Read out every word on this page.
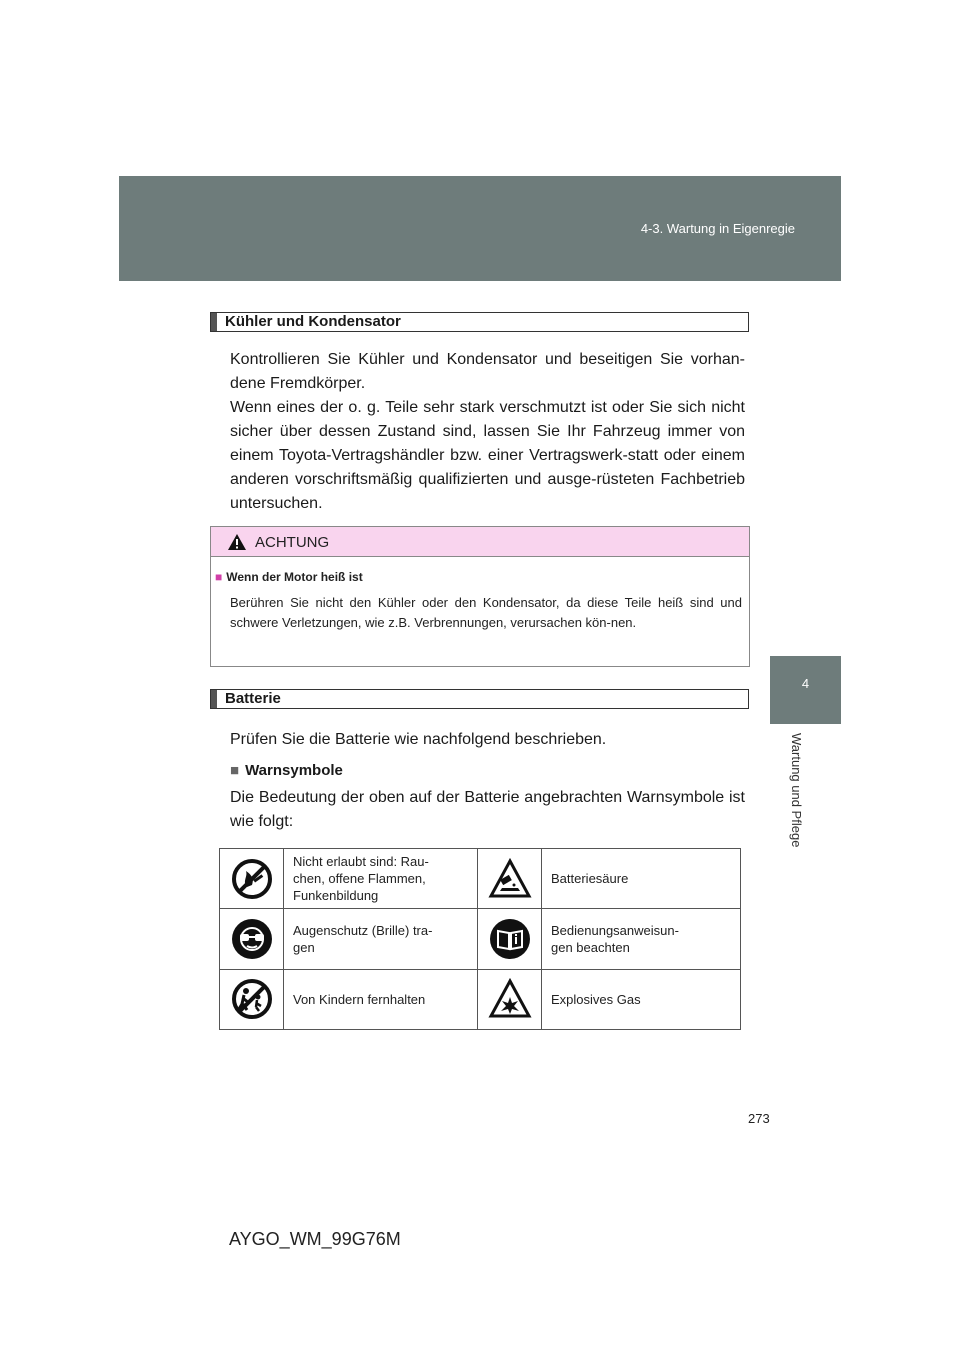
4-3. Wartung in Eigenregie
4
Wartung und Pflege
Kühler und Kondensator

Kontrollieren Sie Kühler und Kondensator und beseitigen Sie vorhan-dene Fremdkörper.
Wenn eines der o. g. Teile sehr stark verschmutzt ist oder Sie sich nicht sicher über dessen Zustand sind, lassen Sie Ihr Fahrzeug immer von einem Toyota-Vertragshändler bzw. einer Vertragswerk-statt oder einem anderen vorschriftsmäßig qualifizierten und ausge-rüsteten Fachbetrieb untersuchen.

ACHTUNG
■ Wenn der Motor heiß ist

Berühren Sie nicht den Kühler oder den Kondensator, da diese Teile heiß sind und schwere Verletzungen, wie z.B. Verbrennungen, verursachen kön-nen.

Batterie

Prüfen Sie die Batterie wie nachfolgend beschrieben.

■ Warnsymbole

Die Bedeutung der oben auf der Batterie angebrachten Warnsymbole ist wie folgt:

Nicht erlaubt sind: Rau-
chen, offene Flammen,
Funkenbildung		Batteriesäure

Augenschutz (Brille) tra-
gen		Bedienungsanweisun-
gen beachten

Von Kindern fernhalten		Explosives Gas
273
AYGO_WM_99G76M
